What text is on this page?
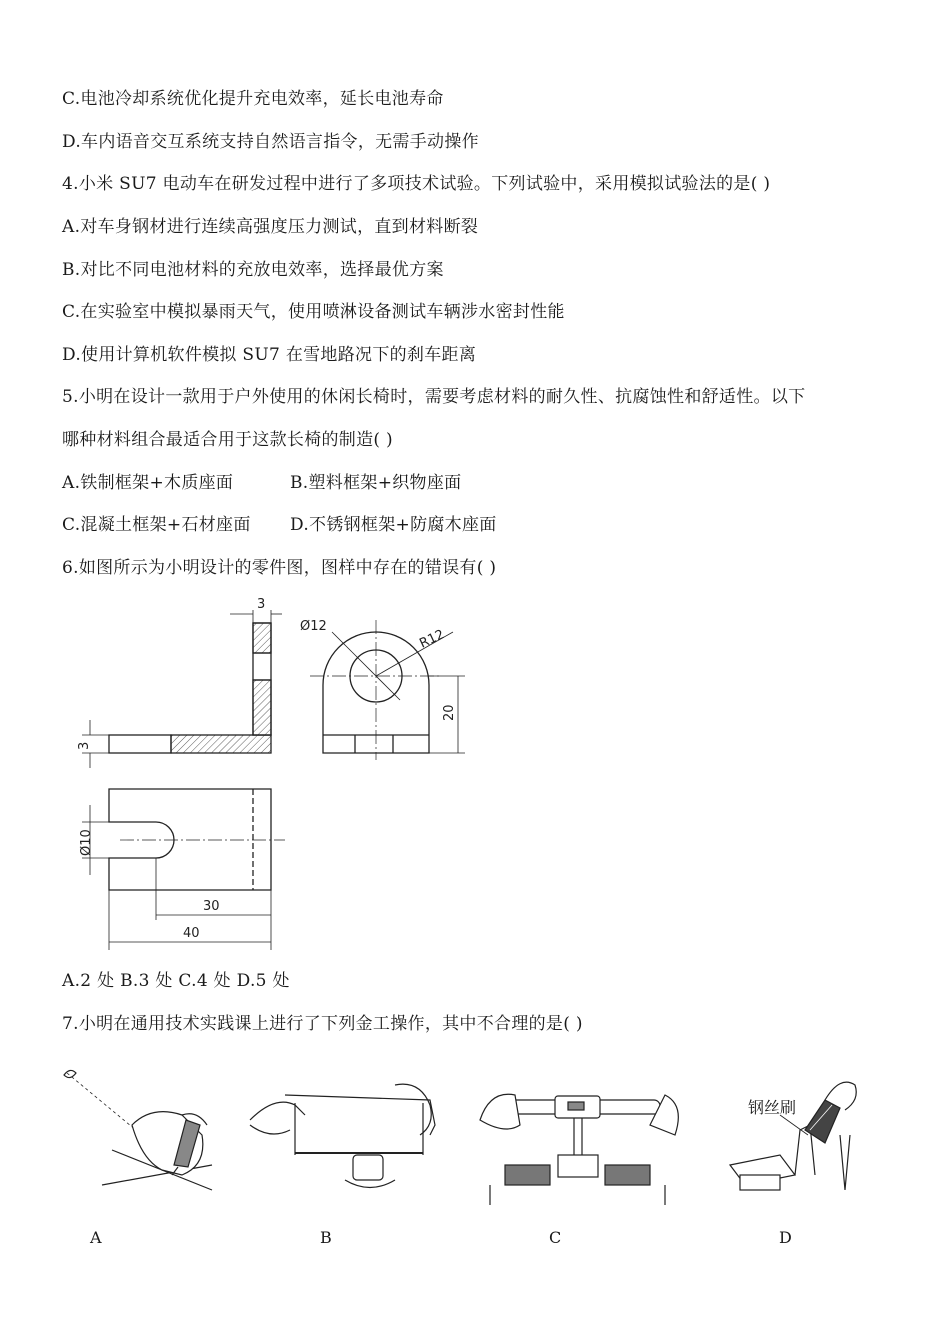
C.电池冷却系统优化提升充电效率，延长电池寿命
D.车内语音交互系统支持自然语言指令，无需手动操作
4.小米 SU7 电动车在研发过程中进行了多项技术试验。下列试验中，采用模拟试验法的是( )
A.对车身钢材进行连续高强度压力测试，直到材料断裂
B.对比不同电池材料的充放电效率，选择最优方案
C.在实验室中模拟暴雨天气，使用喷淋设备测试车辆涉水密封性能
D.使用计算机软件模拟 SU7 在雪地路况下的刹车距离
5.小明在设计一款用于户外使用的休闲长椅时，需要考虑材料的耐久性、抗腐蚀性和舒适性。以下
哪种材料组合最适合用于这款长椅的制造( )
A.铁制框架+木质座面	B.塑料框架+织物座面
C.混凝土框架+石材座面 D.不锈钢框架+防腐木座面
6.如图所示为小明设计的零件图，图样中存在的错误有( )
3
Ø12
R12
3
20
Ø10
30
40
A.2 处 B.3 处 C.4 处 D.5 处
7.小明在通用技术实践课上进行了下列金工操作，其中不合理的是( )
钢丝刷
A	B	C	D
